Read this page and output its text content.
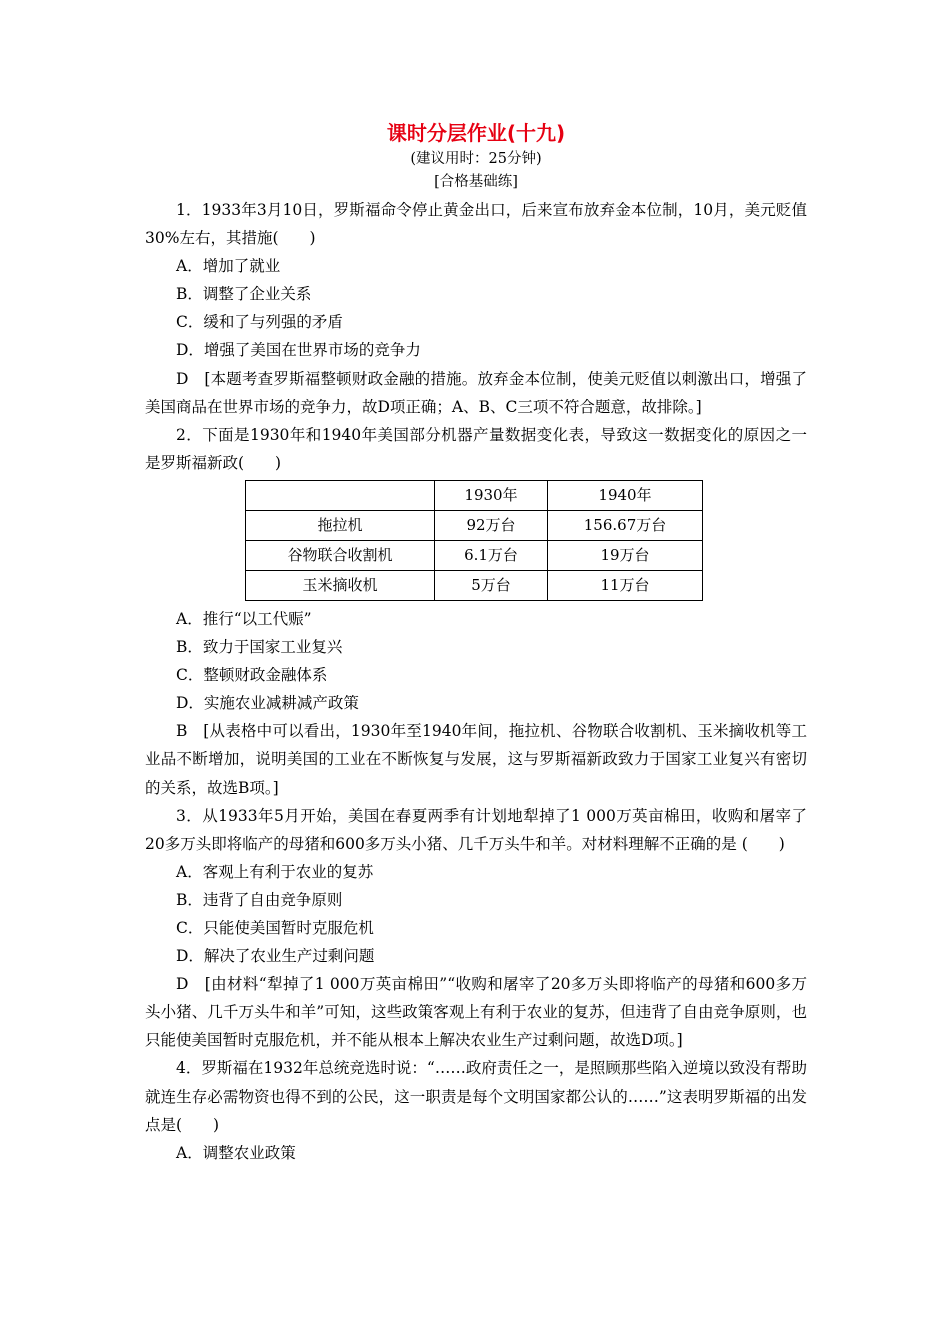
课时分层作业(十九)

(建议用时：25分钟)

[合格基础练]

1．1933年3月10日，罗斯福命令停止黄金出口，后来宣布放弃金本位制，10月，美元贬值30%左右，其措施(　　)

A．增加了就业

B．调整了企业关系

C．缓和了与列强的矛盾

D．增强了美国在世界市场的竞争力

D　[本题考查罗斯福整顿财政金融的措施。放弃金本位制，使美元贬值以刺激出口，增强了美国商品在世界市场的竞争力，故D项正确；A、B、C三项不符合题意，故排除。]

2．下面是1930年和1940年美国部分机器产量数据变化表，导致这一数据变化的原因之一是罗斯福新政(　　)

	1930年	1940年
拖拉机	92万台	156.67万台
谷物联合收割机	6.1万台	19万台
玉米摘收机	5万台	11万台

A．推行“以工代赈”

B．致力于国家工业复兴

C．整顿财政金融体系

D．实施农业减耕减产政策

B　[从表格中可以看出，1930年至1940年间，拖拉机、谷物联合收割机、玉米摘收机等工业品不断增加，说明美国的工业在不断恢复与发展，这与罗斯福新政致力于国家工业复兴有密切的关系，故选B项。]

3．从1933年5月开始，美国在春夏两季有计划地犁掉了1 000万英亩棉田，收购和屠宰了20多万头即将临产的母猪和600多万头小猪、几千万头牛和羊。对材料理解不正确的是 (　　)

A．客观上有利于农业的复苏

B．违背了自由竞争原则

C．只能使美国暂时克服危机

D．解决了农业生产过剩问题

D　[由材料“犁掉了1 000万英亩棉田”“收购和屠宰了20多万头即将临产的母猪和600多万头小猪、几千万头牛和羊”可知，这些政策客观上有利于农业的复苏，但违背了自由竞争原则，也只能使美国暂时克服危机，并不能从根本上解决农业生产过剩问题，故选D项。]

4．罗斯福在1932年总统竞选时说：“……政府责任之一，是照顾那些陷入逆境以致没有帮助就连生存必需物资也得不到的公民，这一职责是每个文明国家都公认的……”这表明罗斯福的出发点是(　　)

A．调整农业政策
